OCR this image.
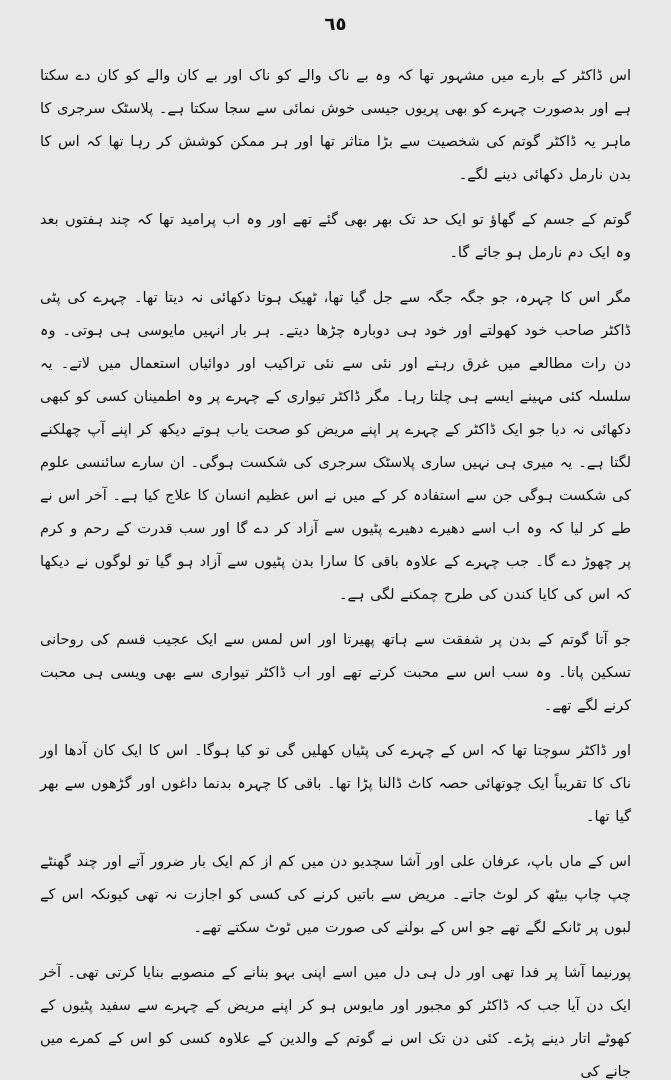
٦٥

اس ڈاکٹر کے بارے میں مشہور تھا کہ وہ بے ناک والے کو ناک اور بے کان والے کو کان دے سکتا ہے اور بدصورت چہرے کو بھی پریوں جیسی خوش نمائی سے سجا سکتا ہے۔ پلاسٹک سرجری کا ماہر یہ ڈاکٹر گوتم کی شخصیت سے بڑا متاثر تھا اور ہر ممکن کوشش کر رہا تھا کہ اس کا بدن نارمل دکھائی دینے لگے۔

گوتم کے جسم کے گھاؤ تو ایک حد تک بھر بھی گئے تھے اور وہ اب پرامید تھا کہ چند ہفتوں بعد وہ ایک دم نارمل ہو جائے گا۔

مگر اس کا چہرہ، جو جگہ جگہ سے جل گیا تھا، ٹھیک ہوتا دکھائی نہ دیتا تھا۔ چہرے کی پٹی ڈاکٹر صاحب خود کھولتے اور خود ہی دوبارہ چڑھا دیتے۔ ہر بار انہیں مایوسی ہی ہوتی۔ وہ دن رات مطالعے میں غرق رہتے اور نئی سے نئی تراکیب اور دوائیاں استعمال میں لاتے۔ یہ سلسلہ کئی مہینے ایسے ہی چلتا رہا۔ مگر ڈاکٹر تیواری کے چہرے پر وہ اطمینان کسی کو کبھی دکھائی نہ دیا جو ایک ڈاکٹر کے چہرے پر اپنے مریض کو صحت یاب ہوتے دیکھ کر اپنے آپ چھلکنے لگتا ہے۔ یہ میری ہی نہیں ساری پلاسٹک سرجری کی شکست ہوگی۔ ان سارے سائنسی علوم کی شکست ہوگی جن سے استفادہ کر کے میں نے اس عظیم انسان کا علاج کیا ہے۔ آخر اس نے طے کر لیا کہ وہ اب اسے دھیرے دھیرے پٹیوں سے آزاد کر دے گا اور سب قدرت کے رحم و کرم پر چھوڑ دے گا۔ جب چہرے کے علاوہ باقی کا سارا بدن پٹیوں سے آزاد ہو گیا تو لوگوں نے دیکھا کہ اس کی کایا کندن کی طرح چمکنے لگی ہے۔

جو آتا گوتم کے بدن پر شفقت سے ہاتھ پھیرتا اور اس لمس سے ایک عجیب قسم کی روحانی تسکین پاتا۔ وہ سب اس سے محبت کرتے تھے اور اب ڈاکٹر تیواری سے بھی ویسی ہی محبت کرنے لگے تھے۔

اور ڈاکٹر سوچتا تھا کہ اس کے چہرے کی پٹیاں کھلیں گی تو کیا ہوگا۔ اس کا ایک کان آدھا اور ناک کا تقریباً ایک چوتھائی حصہ کاٹ ڈالنا پڑا تھا۔ باقی کا چہرہ بدنما داغوں اور گڑھوں سے بھر گیا تھا۔

اس کے ماں باپ، عرفان علی اور آشا سچدیو دن میں کم از کم ایک بار ضرور آتے اور چند گھنٹے چپ چاپ بیٹھ کر لوٹ جاتے۔ مریض سے باتیں کرنے کی کسی کو اجازت نہ تھی کیونکہ اس کے لبوں پر ٹانکے لگے تھے جو اس کے بولنے کی صورت میں ٹوٹ سکتے تھے۔

پورنیما آشا پر فدا تھی اور دل ہی دل میں اسے اپنی بہو بنانے کے منصوبے بنایا کرتی تھی۔ آخر ایک دن آیا جب کہ ڈاکٹر کو مجبور اور مایوس ہو کر اپنے مریض کے چہرے سے سفید پٹیوں کے کھوٹے اتار دینے پڑے۔ کئی دن تک اس نے گوتم کے والدین کے علاوہ کسی کو اس کے کمرے میں جانے کی
